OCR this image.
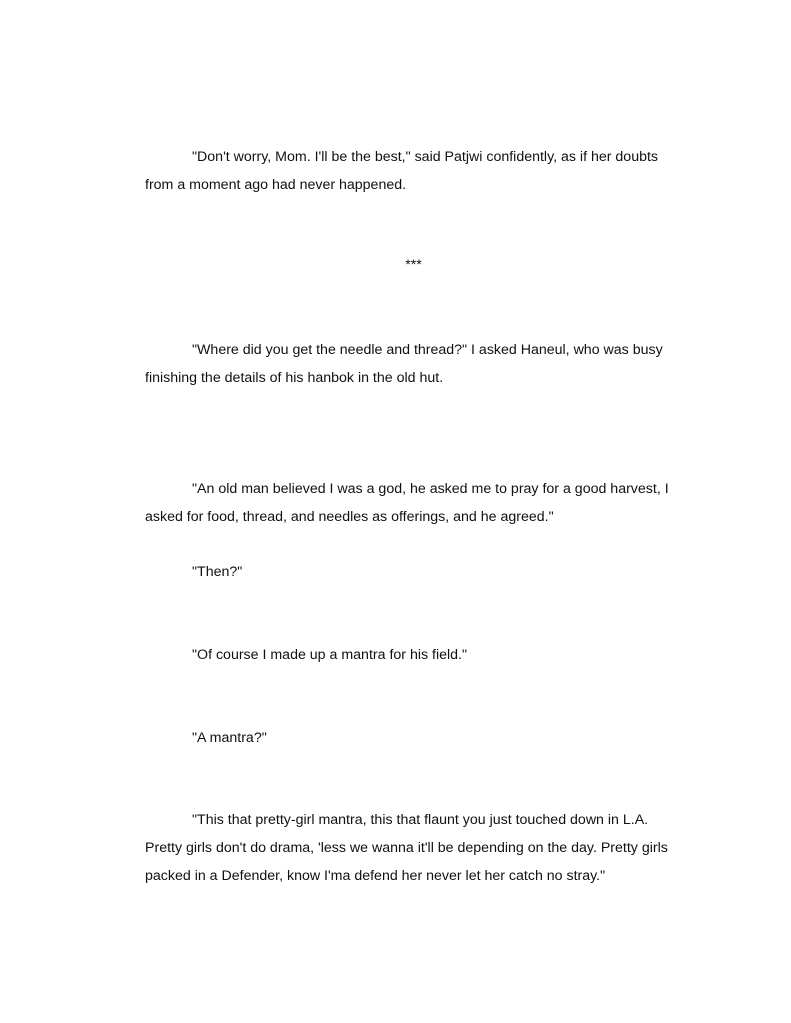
"Don't worry, Mom. I'll be the best," said Patjwi confidently, as if her doubts
from a moment ago had never happened.

***

"Where did you get the needle and thread?" I asked Haneul, who was busy
finishing the details of his hanbok in the old hut.

"An old man believed I was a god, he asked me to pray for a good harvest, I
asked for food, thread, and needles as offerings, and he agreed."

"Then?"

"Of course I made up a mantra for his field."

"A mantra?"

"This that pretty-girl mantra, this that flaunt you just touched down in L.A.
Pretty girls don't do drama, 'less we wanna it'll be depending on the day. Pretty girls
packed in a Defender, know I'ma defend her never let her catch no stray."
